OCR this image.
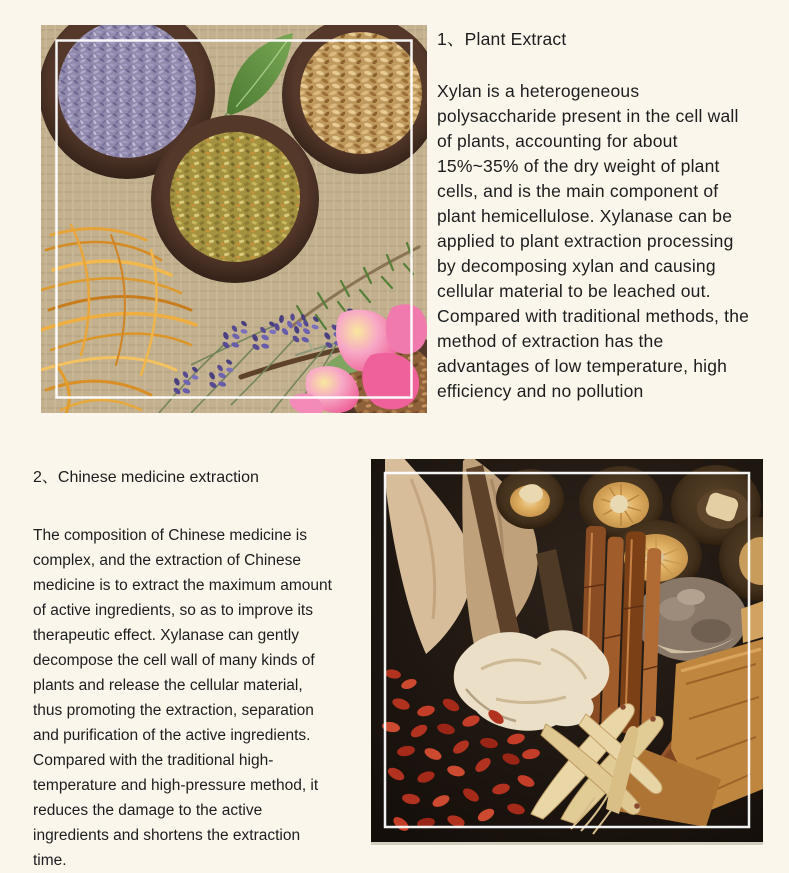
1、Plant Extract

Xylan is a heterogeneous polysaccharide present in the cell wall of plants, accounting for about 15%~35% of the dry weight of plant cells, and is the main component of plant hemicellulose. Xylanase can be applied to plant extraction processing by decomposing xylan and causing cellular material to be leached out. Compared with traditional methods, the method of extraction has the advantages of low temperature, high efficiency and no pollution

2、Chinese medicine extraction

The composition of Chinese medicine is complex, and the extraction of Chinese medicine is to extract the maximum amount of active ingredients, so as to improve its therapeutic effect. Xylanase can gently decompose the cell wall of many kinds of plants and release the cellular material, thus promoting the extraction, separation and purification of the active ingredients. Compared with the traditional high-temperature and high-pressure method, it reduces the damage to the active ingredients and shortens the extraction time.
